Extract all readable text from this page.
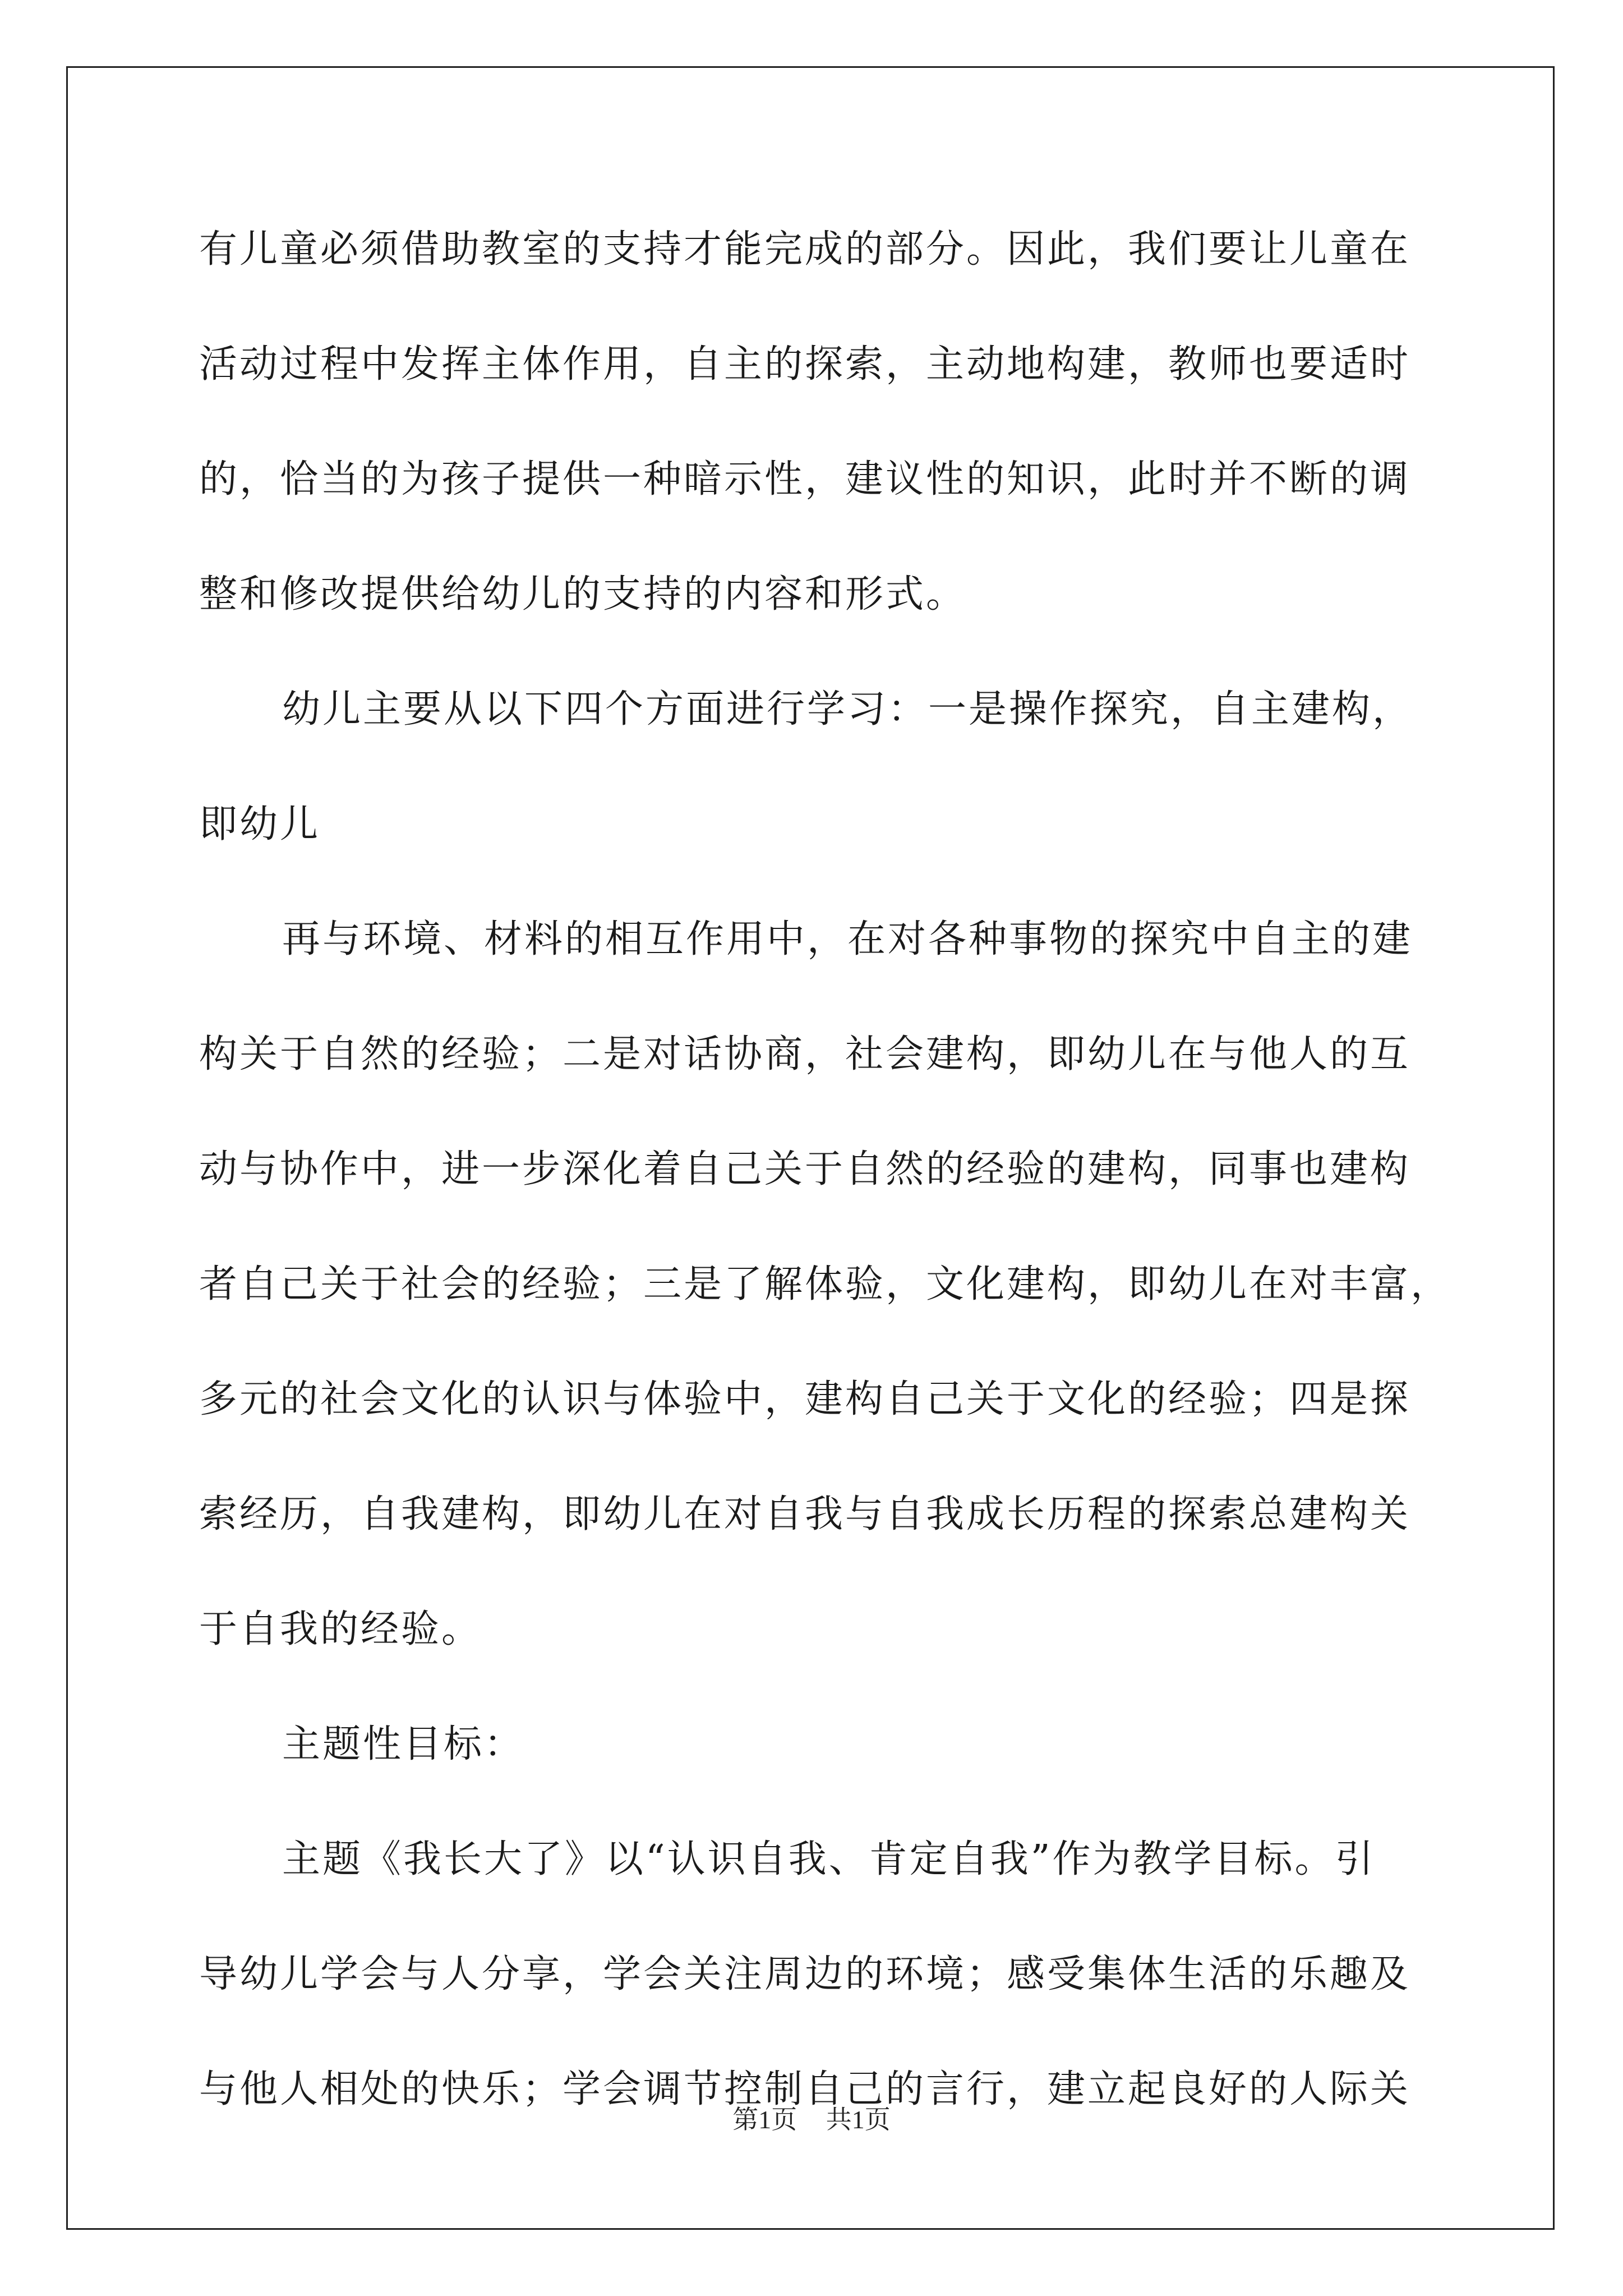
有儿童必须借助教室的支持才能完成的部分。因此，我们要让儿童在
活动过程中发挥主体作用，自主的探索，主动地构建，教师也要适时
的，恰当的为孩子提供一种暗示性，建议性的知识，此时并不断的调
整和修改提供给幼儿的支持的内容和形式。
幼儿主要从以下四个方面进行学习：一是操作探究，自主建构，
即幼儿
再与环境、材料的相互作用中，在对各种事物的探究中自主的建
构关于自然的经验；二是对话协商，社会建构，即幼儿在与他人的互
动与协作中，进一步深化着自己关于自然的经验的建构，同事也建构
者自己关于社会的经验；三是了解体验，文化建构，即幼儿在对丰富，
多元的社会文化的认识与体验中，建构自己关于文化的经验；四是探
索经历，自我建构，即幼儿在对自我与自我成长历程的探索总建构关
于自我的经验。
主题性目标：
主题《我长大了》以“认识自我、肯定自我”作为教学目标。引
导幼儿学会与人分享，学会关注周边的环境；感受集体生活的乐趣及
与他人相处的快乐；学会调节控制自己的言行，建立起良好的人际关
第1页 共1页
